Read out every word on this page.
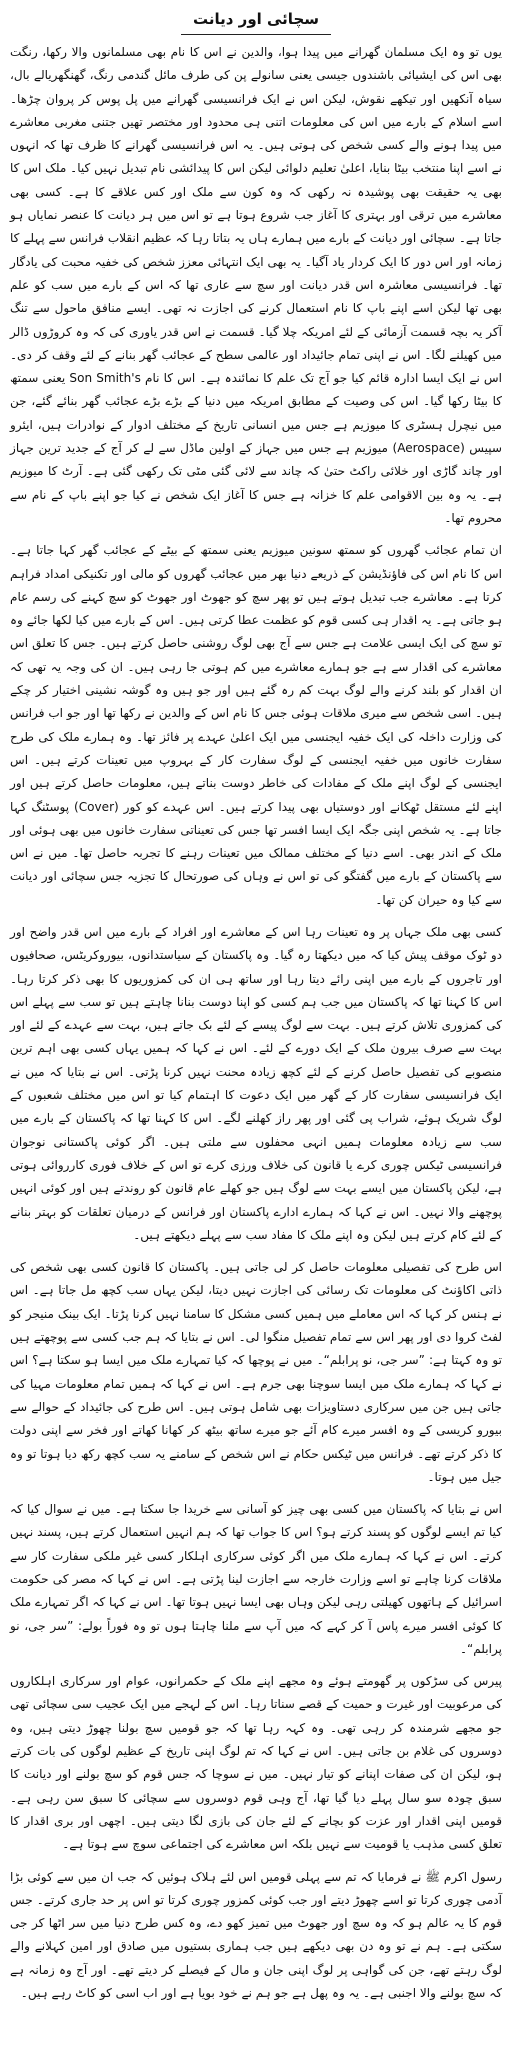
سچائی اور دیانت

یوں تو وہ ایک مسلمان گھرانے میں پیدا ہوا، والدین نے اس کا نام بھی مسلمانوں والا رکھا، رنگت بھی اس کی ایشیائی باشندوں جیسی یعنی سانولے پن کی طرف مائل گندمی رنگ، گھنگھریالے بال، سیاہ آنکھیں اور تیکھے نقوش، لیکن اس نے ایک فرانسیسی گھرانے میں پل پوس کر پروان چڑھا۔ اسے اسلام کے بارے میں اس کی معلومات اتنی ہی محدود اور مختصر تھیں جتنی مغربی معاشرے میں پیدا ہونے والے کسی شخص کی ہوتی ہیں۔ یہ اس فرانسیسی گھرانے کا ظرف تھا کہ انہوں نے اسے اپنا منتخب بیٹا بنایا، اعلیٰ تعلیم دلوائی لیکن اس کا پیدائشی نام تبدیل نہیں کیا۔ ملک اس کا بھی یہ حقیقت بھی پوشیدہ نہ رکھی کہ وہ کون سے ملک اور کس علاقے کا ہے۔ کسی بھی معاشرے میں ترقی اور بہتری کا آغاز جب شروع ہوتا ہے تو اس میں ہر دیانت کا عنصر نمایاں ہو جاتا ہے۔ سچائی اور دیانت کے بارے میں ہمارے ہاں یہ بتاتا رہا کہ عظیم انقلاب فرانس سے پہلے کا زمانہ اور اس دور کا ایک کردار یاد آگیا۔ یہ بھی ایک انتہائی معزز شخص کی خفیہ محبت کی یادگار تھا۔ فرانسیسی معاشرہ اس قدر دیانت اور سچ سے عاری تھا کہ اس کے بارے میں سب کو علم بھی تھا لیکن اسے اپنے باپ کا نام استعمال کرنے کی اجازت نہ تھی۔ ایسے منافق ماحول سے تنگ آکر یہ بچہ قسمت آزمائی کے لئے امریکہ چلا گیا۔ قسمت نے اس قدر یاوری کی کہ وہ کروڑوں ڈالر میں کھیلنے لگا۔ اس نے اپنی تمام جائیداد اور عالمی سطح کے عجائب گھر بنانے کے لئے وقف کر دی۔ اس نے ایک ایسا ادارہ قائم کیا جو آج تک علم کا نمائندہ ہے۔ اس کا نام Son Smith's یعنی سمتھ کا بیٹا رکھا گیا۔ اس کی وصیت کے مطابق امریکہ میں دنیا کے بڑے بڑے عجائب گھر بنائے گئے، جن میں نیچرل ہسٹری کا میوزیم ہے جس میں انسانی تاریخ کے مختلف ادوار کے نوادرات ہیں، ایئرو سپیس (Aerospace) میوزیم ہے جس میں جہاز کے اولین ماڈل سے لے کر آج کے جدید ترین جہاز اور چاند گاڑی اور خلائی راکٹ حتیٰ کہ چاند سے لائی گئی مٹی تک رکھی گئی ہے۔ آرٹ کا میوزیم ہے۔ یہ وہ بین الاقوامی علم کا خزانہ ہے جس کا آغاز ایک شخص نے کیا جو اپنے باپ کے نام سے محروم تھا۔

ان تمام عجائب گھروں کو سمتھ سونین میوزیم یعنی سمتھ کے بیٹے کے عجائب گھر کہا جاتا ہے۔ اس کا نام اس کی فاؤنڈیشن کے ذریعے دنیا بھر میں عجائب گھروں کو مالی اور تکنیکی امداد فراہم کرتا ہے۔ معاشرے جب تبدیل ہوتے ہیں تو پھر سچ کو جھوٹ اور جھوٹ کو سچ کہنے کی رسم عام ہو جاتی ہے۔ یہ اقدار ہی کسی قوم کو عظمت عطا کرتی ہیں۔ اس کے بارے میں کیا لکھا جائے وہ تو سچ کی ایک ایسی علامت ہے جس سے آج بھی لوگ روشنی حاصل کرتے ہیں۔ جس کا تعلق اس معاشرے کی اقدار سے ہے جو ہمارے معاشرے میں کم ہوتی جا رہی ہیں۔ ان کی وجہ یہ تھی کہ ان اقدار کو بلند کرنے والے لوگ بہت کم رہ گئے ہیں اور جو ہیں وہ گوشہ نشینی اختیار کر چکے ہیں۔ اسی شخص سے میری ملاقات ہوئی جس کا نام اس کے والدین نے رکھا تھا اور جو اب فرانس کی وزارت داخلہ کی ایک خفیہ ایجنسی میں ایک اعلیٰ عہدے پر فائز تھا۔ وہ ہمارے ملک کی طرح سفارت خانوں میں خفیہ ایجنسی کے لوگ سفارت کار کے بہروپ میں تعینات کرتے ہیں۔ اس ایجنسی کے لوگ اپنے ملک کے مفادات کی خاطر دوست بناتے ہیں، معلومات حاصل کرتے ہیں اور اپنے لئے مستقل ٹھکانے اور دوستیاں بھی پیدا کرتے ہیں۔ اس عہدے کو کور (Cover) پوسٹنگ کہا جاتا ہے۔ یہ شخص اپنی جگہ ایک ایسا افسر تھا جس کی تعیناتی سفارت خانوں میں بھی ہوئی اور ملک کے اندر بھی۔ اسے دنیا کے مختلف ممالک میں تعینات رہنے کا تجربہ حاصل تھا۔ میں نے اس سے پاکستان کے بارے میں گفتگو کی تو اس نے وہاں کی صورتحال کا تجزیہ جس سچائی اور دیانت سے کیا وہ حیران کن تھا۔

کسی بھی ملک جہاں پر وہ تعینات رہا اس کے معاشرے اور افراد کے بارے میں اس قدر واضح اور دو ٹوک موقف پیش کیا کہ میں دیکھتا رہ گیا۔ وہ پاکستان کے سیاستدانوں، بیوروکریٹس، صحافیوں اور تاجروں کے بارے میں اپنی رائے دیتا رہا اور ساتھ ہی ان کی کمزوریوں کا بھی ذکر کرتا رہا۔ اس کا کہنا تھا کہ پاکستان میں جب ہم کسی کو اپنا دوست بنانا چاہتے ہیں تو سب سے پہلے اس کی کمزوری تلاش کرتے ہیں۔ بہت سے لوگ پیسے کے لئے بک جاتے ہیں، بہت سے عہدے کے لئے اور بہت سے صرف بیرون ملک کے ایک دورے کے لئے۔ اس نے کہا کہ ہمیں یہاں کسی بھی اہم ترین منصوبے کی تفصیل حاصل کرنے کے لئے کچھ زیادہ محنت نہیں کرنا پڑتی۔ اس نے بتایا کہ میں نے ایک فرانسیسی سفارت کار کے گھر میں ایک دعوت کا اہتمام کیا تو اس میں مختلف شعبوں کے لوگ شریک ہوئے، شراب پی گئی اور پھر راز کھلنے لگے۔ اس کا کہنا تھا کہ پاکستان کے بارے میں سب سے زیادہ معلومات ہمیں انہی محفلوں سے ملتی ہیں۔ اگر کوئی پاکستانی نوجوان فرانسیسی ٹیکس چوری کرے یا قانون کی خلاف ورزی کرے تو اس کے خلاف فوری کارروائی ہوتی ہے، لیکن پاکستان میں ایسے بہت سے لوگ ہیں جو کھلے عام قانون کو روندتے ہیں اور کوئی انہیں پوچھنے والا نہیں۔ اس نے کہا کہ ہمارے ادارے پاکستان اور فرانس کے درمیان تعلقات کو بہتر بنانے کے لئے کام کرتے ہیں لیکن وہ اپنے ملک کا مفاد سب سے پہلے دیکھتے ہیں۔

اس طرح کی تفصیلی معلومات حاصل کر لی جاتی ہیں۔ پاکستان کا قانون کسی بھی شخص کی ذاتی اکاؤنٹ کی معلومات تک رسائی کی اجازت نہیں دیتا، لیکن یہاں سب کچھ مل جاتا ہے۔ اس نے ہنس کر کہا کہ اس معاملے میں ہمیں کسی مشکل کا سامنا نہیں کرنا پڑتا۔ ایک بینک منیجر کو لفٹ کروا دی اور پھر اس سے تمام تفصیل منگوا لی۔ اس نے بتایا کہ ہم جب کسی سے پوچھتے ہیں تو وہ کہتا ہے: ”سر جی، نو پرابلم“۔ میں نے پوچھا کہ کیا تمہارے ملک میں ایسا ہو سکتا ہے؟ اس نے کہا کہ ہمارے ملک میں ایسا سوچنا بھی جرم ہے۔ اس نے کہا کہ ہمیں تمام معلومات مہیا کی جاتی ہیں جن میں سرکاری دستاویزات بھی شامل ہوتی ہیں۔ اس طرح کی جائیداد کے حوالے سے بیورو کریسی کے وہ افسر میرے کام آئے جو میرے ساتھ بیٹھ کر کھانا کھاتے اور فخر سے اپنی دولت کا ذکر کرتے تھے۔ فرانس میں ٹیکس حکام نے اس شخص کے سامنے یہ سب کچھ رکھ دیا ہوتا تو وہ جیل میں ہوتا۔

اس نے بتایا کہ پاکستان میں کسی بھی چیز کو آسانی سے خریدا جا سکتا ہے۔ میں نے سوال کیا کہ کیا تم ایسے لوگوں کو پسند کرتے ہو؟ اس کا جواب تھا کہ ہم انہیں استعمال کرتے ہیں، پسند نہیں کرتے۔ اس نے کہا کہ ہمارے ملک میں اگر کوئی سرکاری اہلکار کسی غیر ملکی سفارت کار سے ملاقات کرنا چاہے تو اسے وزارت خارجہ سے اجازت لینا پڑتی ہے۔ اس نے کہا کہ مصر کی حکومت اسرائیل کے ہاتھوں کھیلتی رہی لیکن وہاں بھی ایسا نہیں ہوتا تھا۔ اس نے کہا کہ اگر تمہارے ملک کا کوئی افسر میرے پاس آ کر کہے کہ میں آپ سے ملنا چاہتا ہوں تو وہ فوراً بولے: ”سر جی، نو پرابلم“۔

پیرس کی سڑکوں پر گھومتے ہوئے وہ مجھے اپنے ملک کے حکمرانوں، عوام اور سرکاری اہلکاروں کی مرعوبیت اور غیرت و حمیت کے قصے سناتا رہا۔ اس کے لہجے میں ایک عجیب سی سچائی تھی جو مجھے شرمندہ کر رہی تھی۔ وہ کہہ رہا تھا کہ جو قومیں سچ بولنا چھوڑ دیتی ہیں، وہ دوسروں کی غلام بن جاتی ہیں۔ اس نے کہا کہ تم لوگ اپنی تاریخ کے عظیم لوگوں کی بات کرتے ہو، لیکن ان کی صفات اپنانے کو تیار نہیں۔ میں نے سوچا کہ جس قوم کو سچ بولنے اور دیانت کا سبق چودہ سو سال پہلے دیا گیا تھا، آج وہی قوم دوسروں سے سچائی کا سبق سن رہی ہے۔ قومیں اپنی اقدار اور عزت کو بچانے کے لئے جان کی بازی لگا دیتی ہیں۔ اچھی اور بری اقدار کا تعلق کسی مذہب یا قومیت سے نہیں بلکہ اس معاشرے کی اجتماعی سوچ سے ہوتا ہے۔

رسول اکرم ﷺ نے فرمایا کہ تم سے پہلی قومیں اس لئے ہلاک ہوئیں کہ جب ان میں سے کوئی بڑا آدمی چوری کرتا تو اسے چھوڑ دیتے اور جب کوئی کمزور چوری کرتا تو اس پر حد جاری کرتے۔ جس قوم کا یہ عالم ہو کہ وہ سچ اور جھوٹ میں تمیز کھو دے، وہ کس طرح دنیا میں سر اٹھا کر جی سکتی ہے۔ ہم نے تو وہ دن بھی دیکھے ہیں جب ہماری بستیوں میں صادق اور امین کہلانے والے لوگ رہتے تھے، جن کی گواہی پر لوگ اپنی جان و مال کے فیصلے کر دیتے تھے۔ اور آج وہ زمانہ ہے کہ سچ بولنے والا اجنبی ہے۔ یہ وہ پھل ہے جو ہم نے خود بویا ہے اور اب اسی کو کاٹ رہے ہیں۔
